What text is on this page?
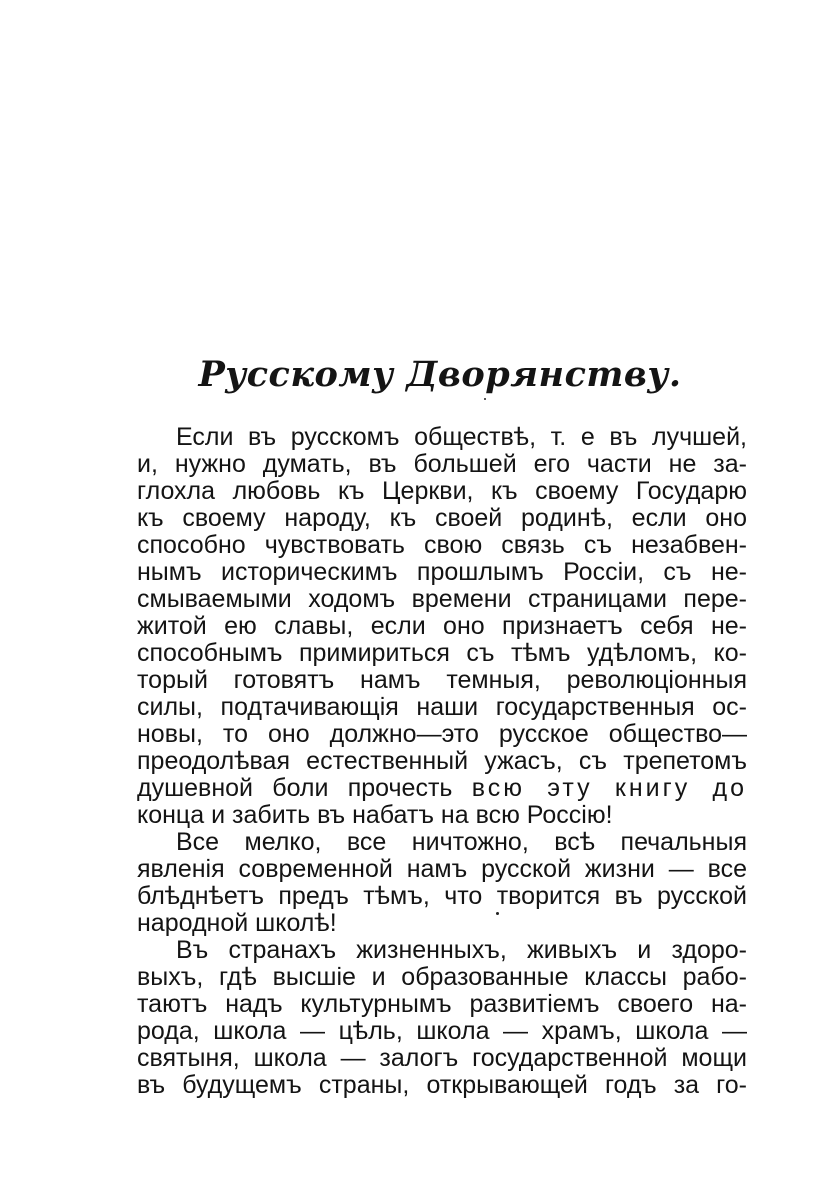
Русскому Дворянству.
Если въ русскомъ обществѣ, т. е въ лучшей,
и, нужно думать, въ большей его части не за-
глохла любовь къ Церкви, къ своему Государю
къ своему народу, къ своей родинѣ, если оно
способно чувствовать свою связь съ незабвен-
нымъ историческимъ прошлымъ Россіи, съ не-
смываемыми ходомъ времени страницами пере-
житой ею славы, если оно признаетъ себя не-
способнымъ примириться съ тѣмъ удѣломъ, ко-
торый готовятъ намъ темныя, революціонныя
силы, подтачивающія наши государственныя ос-
новы, то оно должно—это русское общество—
преодолѣвая естественный ужасъ, съ трепетомъ
душевной боли прочесть всю эту книгу до
конца и забить въ набатъ на всю Россію!
Все мелко, все ничтожно, всѣ печальныя
явленія современной намъ русской жизни — все
блѣднѣетъ предъ тѣмъ, что творится въ русской
народной школѣ!
Въ странахъ жизненныхъ, живыхъ и здоро-
выхъ, гдѣ высшіе и образованные классы рабо-
таютъ надъ культурнымъ развитіемъ своего на-
рода, школа — цѣль, школа — храмъ, школа —
святыня, школа — залогъ государственной мощи
въ будущемъ страны, открывающей годъ за го-
